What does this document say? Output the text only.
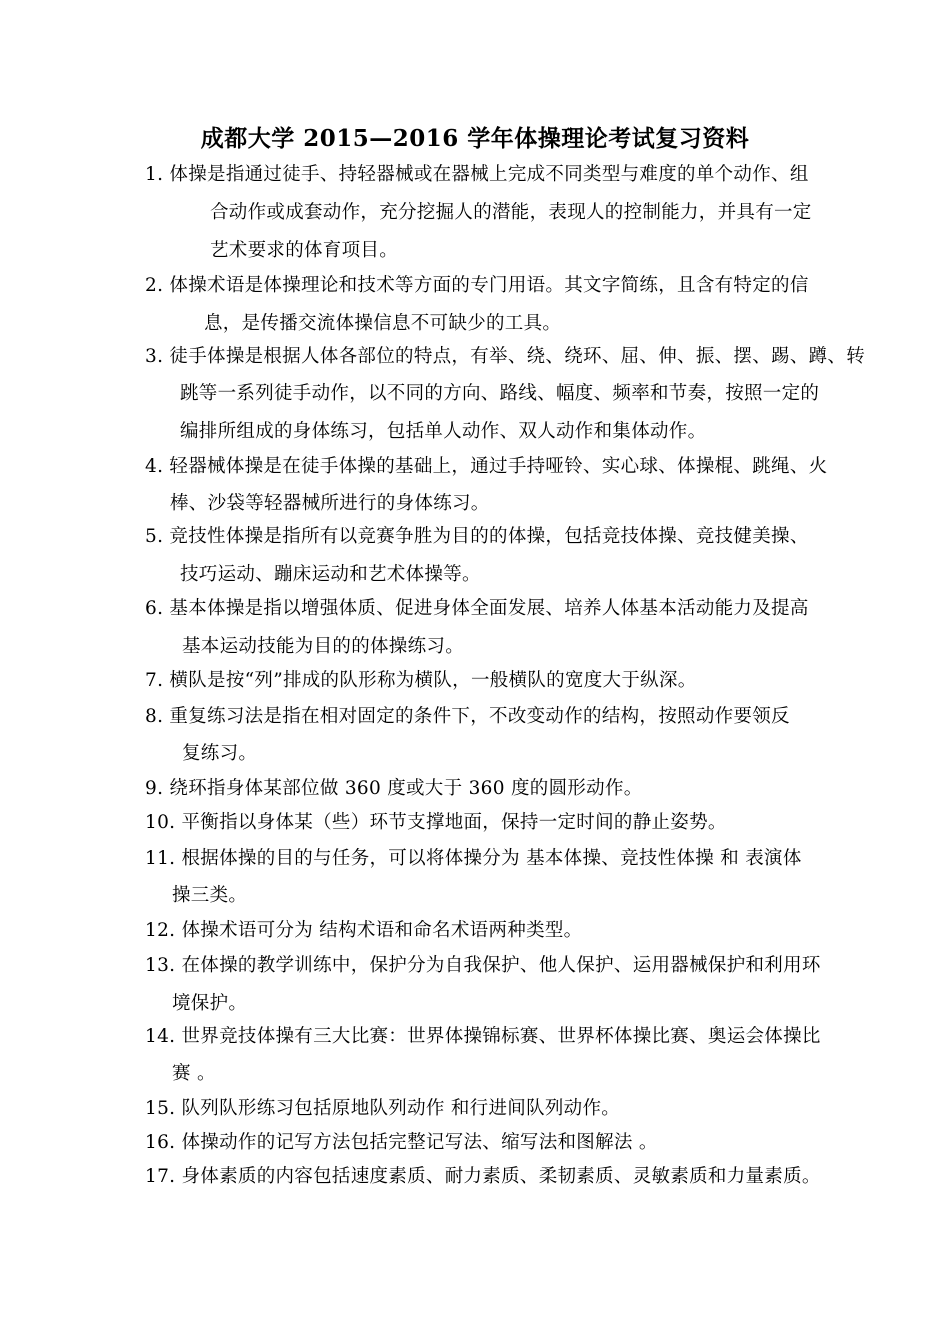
成都大学 2015—2016 学年体操理论考试复习资料
1. 体操是指通过徒手、持轻器械或在器械上完成不同类型与难度的单个动作、组
合动作或成套动作，充分挖掘人的潜能，表现人的控制能力，并具有一定
艺术要求的体育项目。
2. 体操术语是体操理论和技术等方面的专门用语。其文字简练，且含有特定的信
息，是传播交流体操信息不可缺少的工具。
3. 徒手体操是根据人体各部位的特点，有举、绕、绕环、屈、伸、振、摆、踢、蹲、转
跳等一系列徒手动作，以不同的方向、路线、幅度、频率和节奏，按照一定的
编排所组成的身体练习，包括单人动作、双人动作和集体动作。
4. 轻器械体操是在徒手体操的基础上，通过手持哑铃、实心球、体操棍、跳绳、火
棒、沙袋等轻器械所进行的身体练习。
5. 竞技性体操是指所有以竞赛争胜为目的的体操，包括竞技体操、竞技健美操、
技巧运动、蹦床运动和艺术体操等。
6. 基本体操是指以增强体质、促进身体全面发展、培养人体基本活动能力及提高
基本运动技能为目的的体操练习。
7. 横队是按“列”排成的队形称为横队，一般横队的宽度大于纵深。
8. 重复练习法是指在相对固定的条件下，不改变动作的结构，按照动作要领反
复练习。
9. 绕环指身体某部位做 360 度或大于 360 度的圆形动作。
10. 平衡指以身体某（些）环节支撑地面，保持一定时间的静止姿势。
11. 根据体操的目的与任务，可以将体操分为 基本体操、竞技性体操 和 表演体
操三类。
12. 体操术语可分为 结构术语和命名术语两种类型。
13. 在体操的教学训练中，保护分为自我保护、他人保护、运用器械保护和利用环
境保护。
14. 世界竞技体操有三大比赛：世界体操锦标赛、世界杯体操比赛、奥运会体操比
赛 。
15. 队列队形练习包括原地队列动作 和行进间队列动作。
16. 体操动作的记写方法包括完整记写法、缩写法和图解法 。
17. 身体素质的内容包括速度素质、耐力素质、柔韧素质、灵敏素质和力量素质。
